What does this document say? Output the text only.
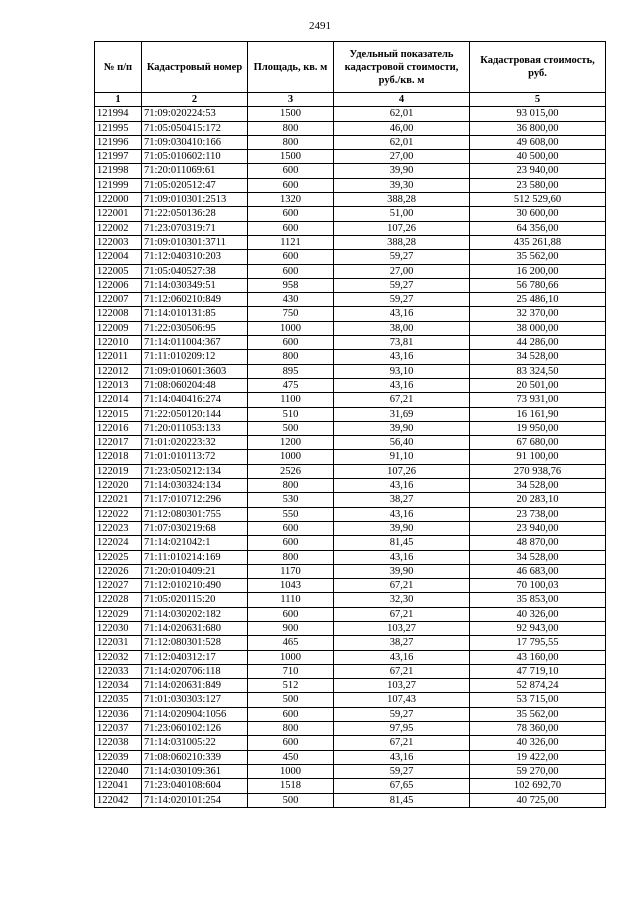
2491
№ п/п	Кадастровый номер	Площадь, кв. м	Удельный показатель кадастровой стоимости, руб./кв. м	Кадастровая стоимость, руб.
1	2	3	4	5
121994	71:09:020224:53	1500	62,01	93 015,00
121995	71:05:050415:172	800	46,00	36 800,00
121996	71:09:030410:166	800	62,01	49 608,00
121997	71:05:010602:110	1500	27,00	40 500,00
121998	71:20:011069:61	600	39,90	23 940,00
121999	71:05:020512:47	600	39,30	23 580,00
122000	71:09:010301:2513	1320	388,28	512 529,60
122001	71:22:050136:28	600	51,00	30 600,00
122002	71:23:070319:71	600	107,26	64 356,00
122003	71:09:010301:3711	1121	388,28	435 261,88
122004	71:12:040310:203	600	59,27	35 562,00
122005	71:05:040527:38	600	27,00	16 200,00
122006	71:14:030349:51	958	59,27	56 780,66
122007	71:12:060210:849	430	59,27	25 486,10
122008	71:14:010131:85	750	43,16	32 370,00
122009	71:22:030506:95	1000	38,00	38 000,00
122010	71:14:011004:367	600	73,81	44 286,00
122011	71:11:010209:12	800	43,16	34 528,00
122012	71:09:010601:3603	895	93,10	83 324,50
122013	71:08:060204:48	475	43,16	20 501,00
122014	71:14:040416:274	1100	67,21	73 931,00
122015	71:22:050120:144	510	31,69	16 161,90
122016	71:20:011053:133	500	39,90	19 950,00
122017	71:01:020223:32	1200	56,40	67 680,00
122018	71:01:010113:72	1000	91,10	91 100,00
122019	71:23:050212:134	2526	107,26	270 938,76
122020	71:14:030324:134	800	43,16	34 528,00
122021	71:17:010712:296	530	38,27	20 283,10
122022	71:12:080301:755	550	43,16	23 738,00
122023	71:07:030219:68	600	39,90	23 940,00
122024	71:14:021042:1	600	81,45	48 870,00
122025	71:11:010214:169	800	43,16	34 528,00
122026	71:20:010409:21	1170	39,90	46 683,00
122027	71:12:010210:490	1043	67,21	70 100,03
122028	71:05:020115:20	1110	32,30	35 853,00
122029	71:14:030202:182	600	67,21	40 326,00
122030	71:14:020631:680	900	103,27	92 943,00
122031	71:12:080301:528	465	38,27	17 795,55
122032	71:12:040312:17	1000	43,16	43 160,00
122033	71:14:020706:118	710	67,21	47 719,10
122034	71:14:020631:849	512	103,27	52 874,24
122035	71:01:030303:127	500	107,43	53 715,00
122036	71:14:020904:1056	600	59,27	35 562,00
122037	71:23:060102:126	800	97,95	78 360,00
122038	71:14:031005:22	600	67,21	40 326,00
122039	71:08:060210:339	450	43,16	19 422,00
122040	71:14:030109:361	1000	59,27	59 270,00
122041	71:23:040108:604	1518	67,65	102 692,70
122042	71:14:020101:254	500	81,45	40 725,00
